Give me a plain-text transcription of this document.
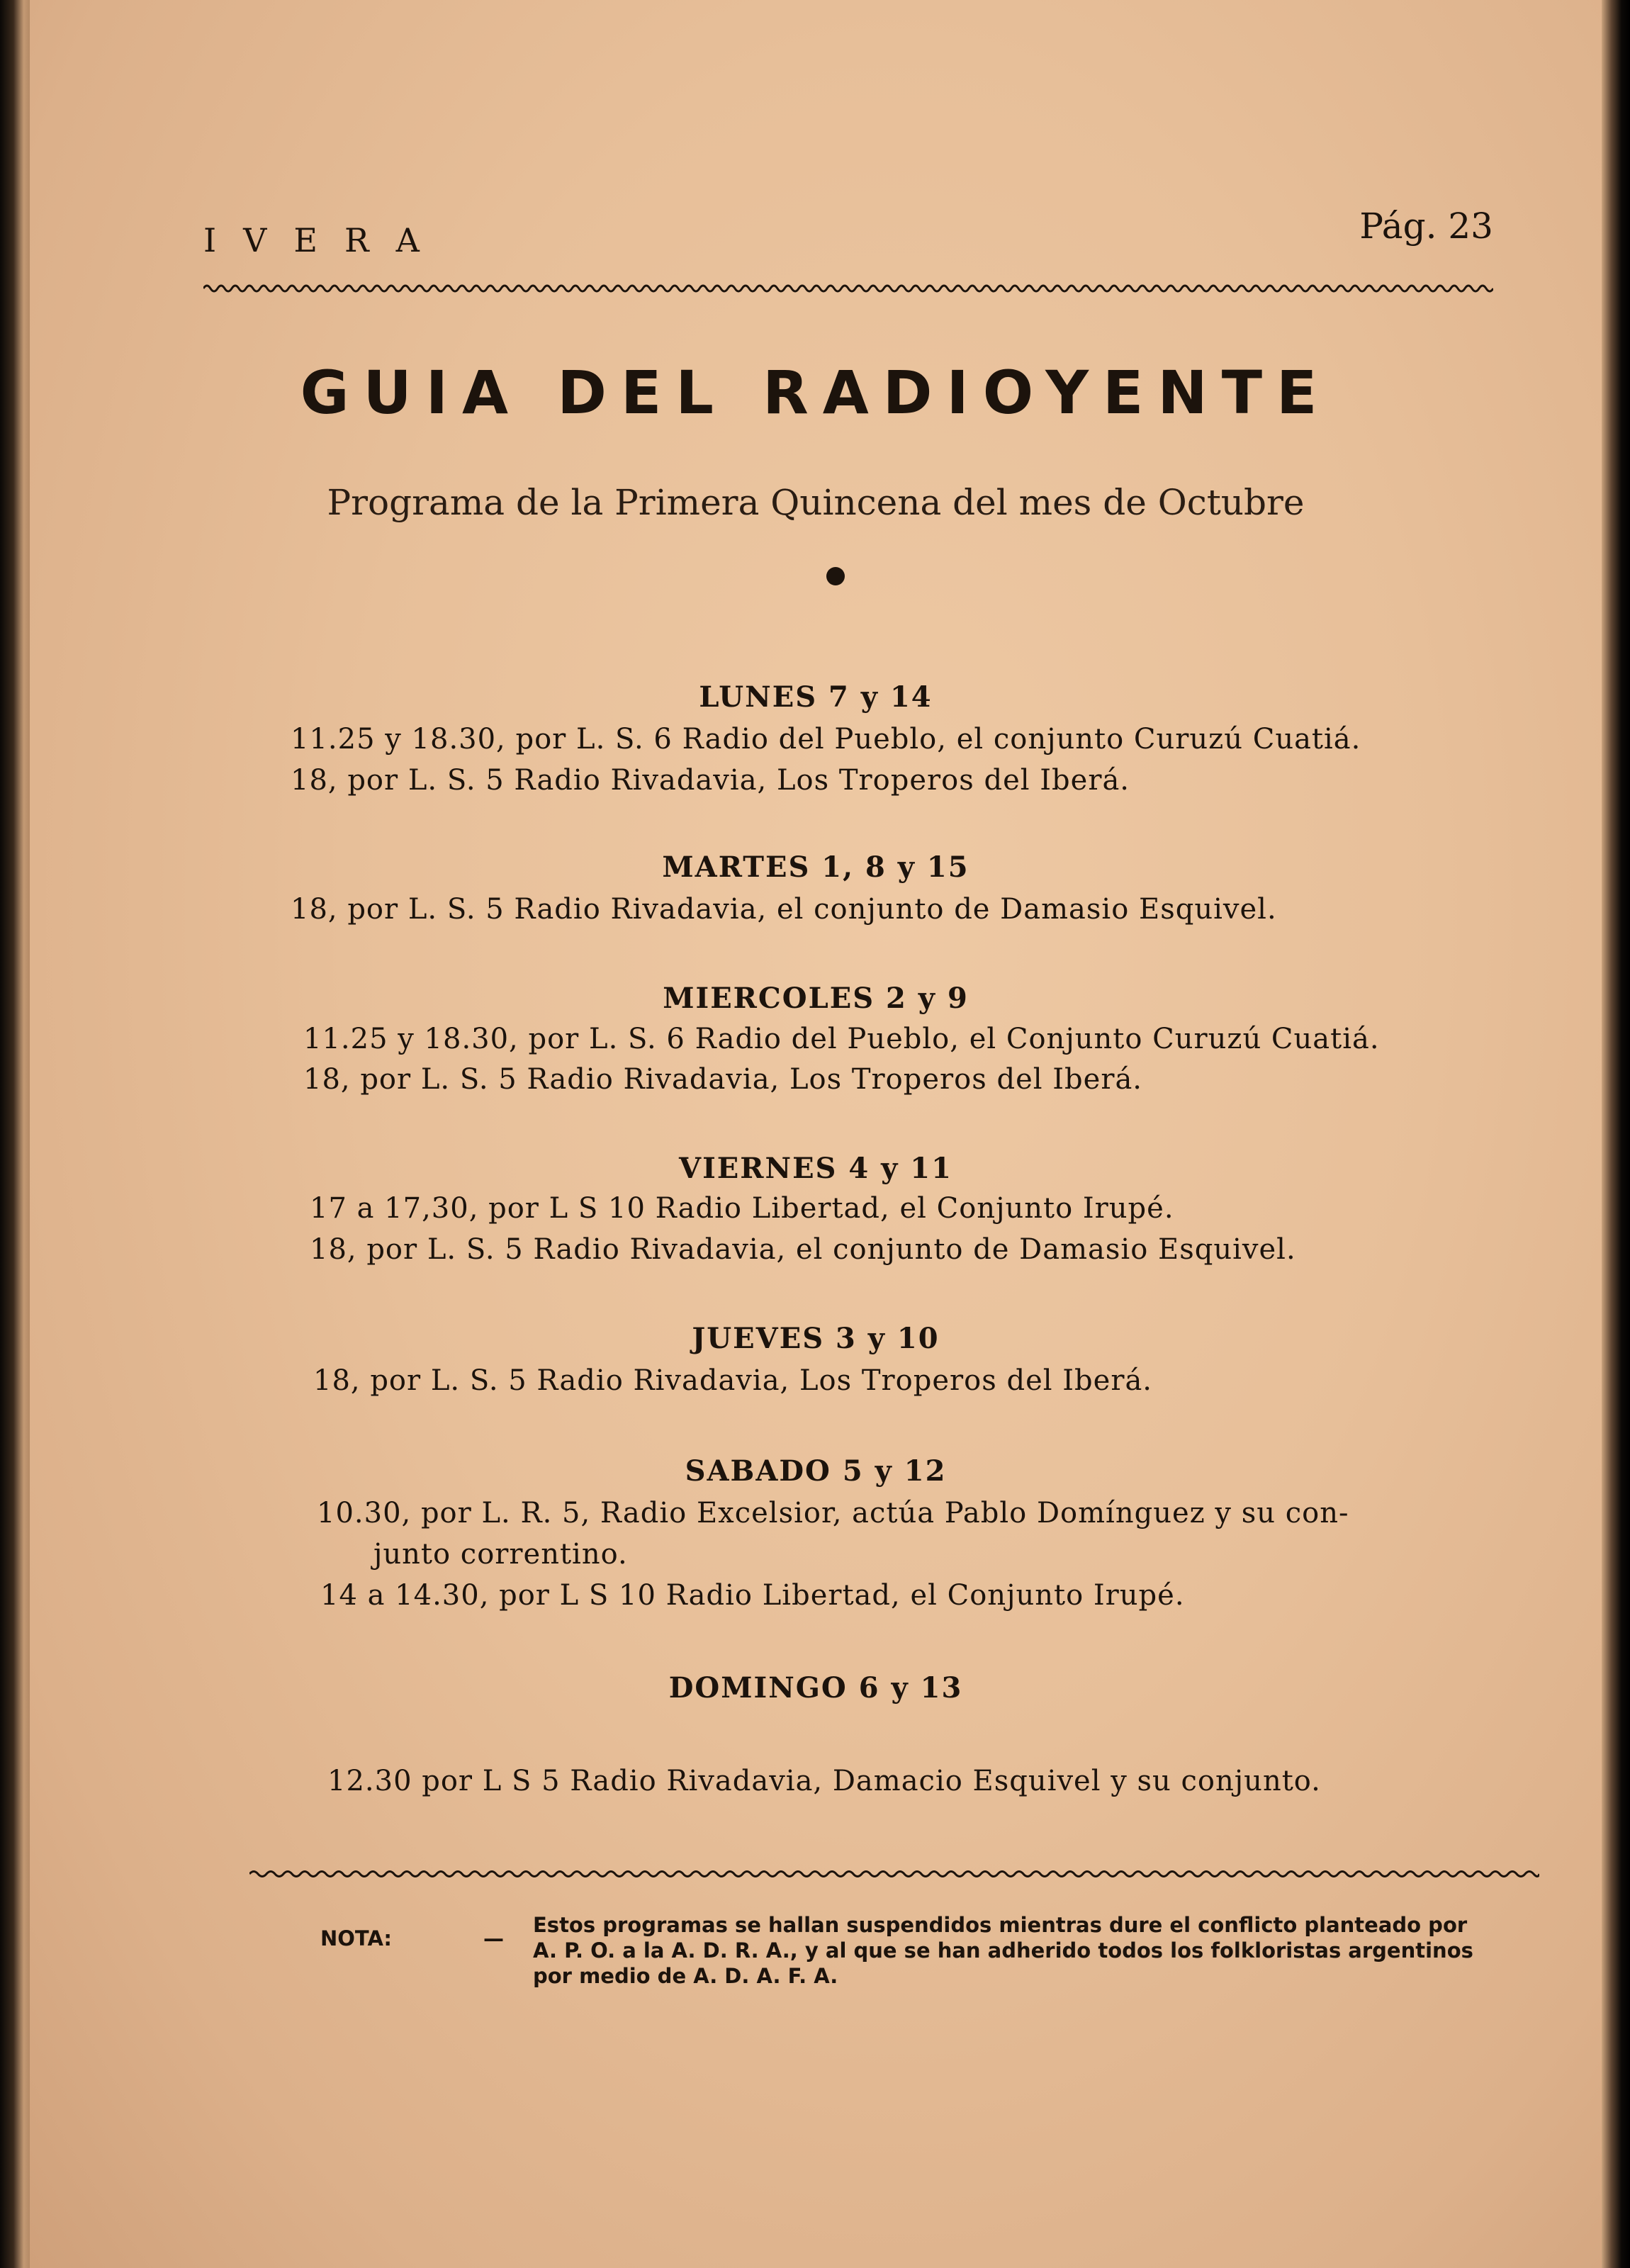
IVERA	Pág. 23
GUIA DEL RADIOYENTE
Programa de la Primera Quincena del mes de Octubre
LUNES 7 y 14
11.25 y 18.30, por L. S. 6 Radio del Pueblo, el conjunto Curuzú Cuatiá.
18, por L. S. 5 Radio Rivadavia, Los Troperos del Iberá.
MARTES 1, 8 y 15
18, por L. S. 5 Radio Rivadavia, el conjunto de Damasio Esquivel.
MIERCOLES 2 y 9
11.25 y 18.30, por L. S. 6 Radio del Pueblo, el Conjunto Curuzú Cuatiá.
18, por L. S. 5 Radio Rivadavia, Los Troperos del Iberá.
VIERNES 4 y 11
17 a 17,30, por L S 10 Radio Libertad, el Conjunto Irupé.
18, por L. S. 5 Radio Rivadavia, el conjunto de Damasio Esquivel.
JUEVES 3 y 10
18, por L. S. 5 Radio Rivadavia, Los Troperos del Iberá.
SABADO 5 y 12
10.30, por L. R. 5, Radio Excelsior, actúa Pablo Domínguez y su con-
junto correntino.
14 a 14.30, por L S 10 Radio Libertad, el Conjunto Irupé.
DOMINGO 6 y 13
12.30 por L S 5 Radio Rivadavia, Damacio Esquivel y su conjunto.
NOTA:	—
Estos programas se hallan suspendidos mientras dure el conflicto planteado por A. P. O. a la A. D. R. A., y al que se han adherido todos los folkloristas argentinos por medio de A. D. A. F. A.
